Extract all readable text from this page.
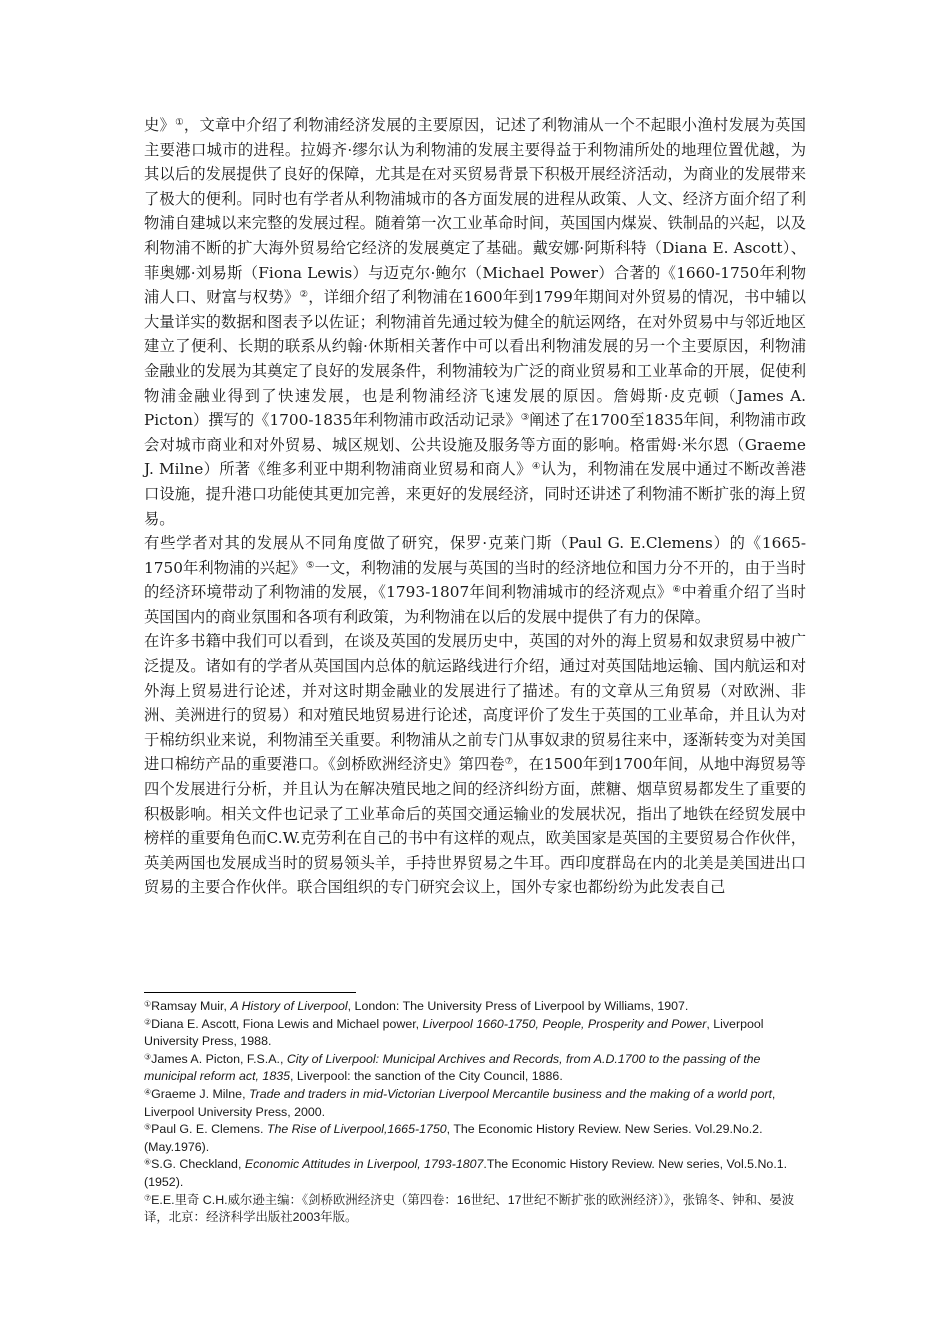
史》①，文章中介绍了利物浦经济发展的主要原因，记述了利物浦从一个不起眼小渔村发展为英国主要港口城市的进程。拉姆齐·缪尔认为利物浦的发展主要得益于利物浦所处的地理位置优越，为其以后的发展提供了良好的保障，尤其是在对买贸易背景下积极开展经济活动，为商业的发展带来了极大的便利。同时也有学者从利物浦城市的各方面发展的进程从政策、人文、经济方面介绍了利物浦自建城以来完整的发展过程。随着第一次工业革命时间，英国国内煤炭、铁制品的兴起，以及利物浦不断的扩大海外贸易给它经济的发展奠定了基础。戴安娜·阿斯科特（Diana E. Ascott）、菲奥娜·刘易斯（Fiona Lewis）与迈克尔·鲍尔（Michael Power）合著的《1660-1750年利物浦人口、财富与权势》②，详细介绍了利物浦在1600年到1799年期间对外贸易的情况，书中辅以大量详实的数据和图表予以佐证；利物浦首先通过较为健全的航运网络，在对外贸易中与邻近地区建立了便利、长期的联系从约翰·休斯相关著作中可以看出利物浦发展的另一个主要原因，利物浦金融业的发展为其奠定了良好的发展条件，利物浦较为广泛的商业贸易和工业革命的开展，促使利物浦金融业得到了快速发展，也是利物浦经济飞速发展的原因。詹姆斯·皮克顿（James A. Picton）撰写的《1700-1835年利物浦市政活动记录》③阐述了在1700至1835年间，利物浦市政会对城市商业和对外贸易、城区规划、公共设施及服务等方面的影响。格雷姆·米尔恩（Graeme J. Milne）所著《维多利亚中期利物浦商业贸易和商人》④认为，利物浦在发展中通过不断改善港口设施，提升港口功能使其更加完善，来更好的发展经济，同时还讲述了利物浦不断扩张的海上贸易。

有些学者对其的发展从不同角度做了研究，保罗·克莱门斯（Paul G. E.Clemens）的《1665-1750年利物浦的兴起》⑤一文，利物浦的发展与英国的当时的经济地位和国力分不开的，由于当时的经济环境带动了利物浦的发展，《1793-1807年间利物浦城市的经济观点》⑥中着重介绍了当时英国国内的商业氛围和各项有利政策，为利物浦在以后的发展中提供了有力的保障。

在许多书籍中我们可以看到，在谈及英国的发展历史中，英国的对外的海上贸易和奴隶贸易中被广泛提及。诸如有的学者从英国国内总体的航运路线进行介绍，通过对英国陆地运输、国内航运和对外海上贸易进行论述，并对这时期金融业的发展进行了描述。有的文章从三角贸易（对欧洲、非洲、美洲进行的贸易）和对殖民地贸易进行论述，高度评价了发生于英国的工业革命，并且认为对于棉纺织业来说，利物浦至关重要。利物浦从之前专门从事奴隶的贸易往来中，逐渐转变为对美国进口棉纺产品的重要港口。《剑桥欧洲经济史》第四卷⑦，在1500年到1700年间，从地中海贸易等四个发展进行分析，并且认为在解决殖民地之间的经济纠纷方面，蔗糖、烟草贸易都发生了重要的积极影响。相关文件也记录了工业革命后的英国交通运输业的发展状况，指出了地铁在经贸发展中榜样的重要角色而C.W.克劳利在自己的书中有这样的观点，欧美国家是英国的主要贸易合作伙伴，英美两国也发展成当时的贸易领头羊，手持世界贸易之牛耳。西印度群岛在内的北美是美国进出口贸易的主要合作伙伴。联合国组织的专门研究会议上，国外专家也都纷纷为此发表自己

①Ramsay Muir, A History of Liverpool, London: The University Press of Liverpool by Williams, 1907.

②Diana E. Ascott, Fiona Lewis and Michael power, Liverpool 1660-1750, People, Prosperity and Power, Liverpool University Press, 1988.

③James A. Picton, F.S.A., City of Liverpool: Municipal Archives and Records, from A.D.1700 to the passing of the municipal reform act, 1835, Liverpool: the sanction of the City Council, 1886.

④Graeme J. Milne, Trade and traders in mid-Victorian Liverpool Mercantile business and the making of a world port, Liverpool University Press, 2000.

⑤Paul G. E. Clemens. The Rise of Liverpool,1665-1750, The Economic History Review. New Series. Vol.29.No.2.(May.1976).

⑥S.G. Checkland, Economic Attitudes in Liverpool, 1793-1807.The Economic History Review. New series, Vol.5.No.1.(1952).

⑦E.E.里奇 C.H.威尔逊主编：《剑桥欧洲经济史（第四卷：16世纪、17世纪不断扩张的欧洲经济）》，张锦冬、钟和、晏波译，北京：经济科学出版社2003年版。
